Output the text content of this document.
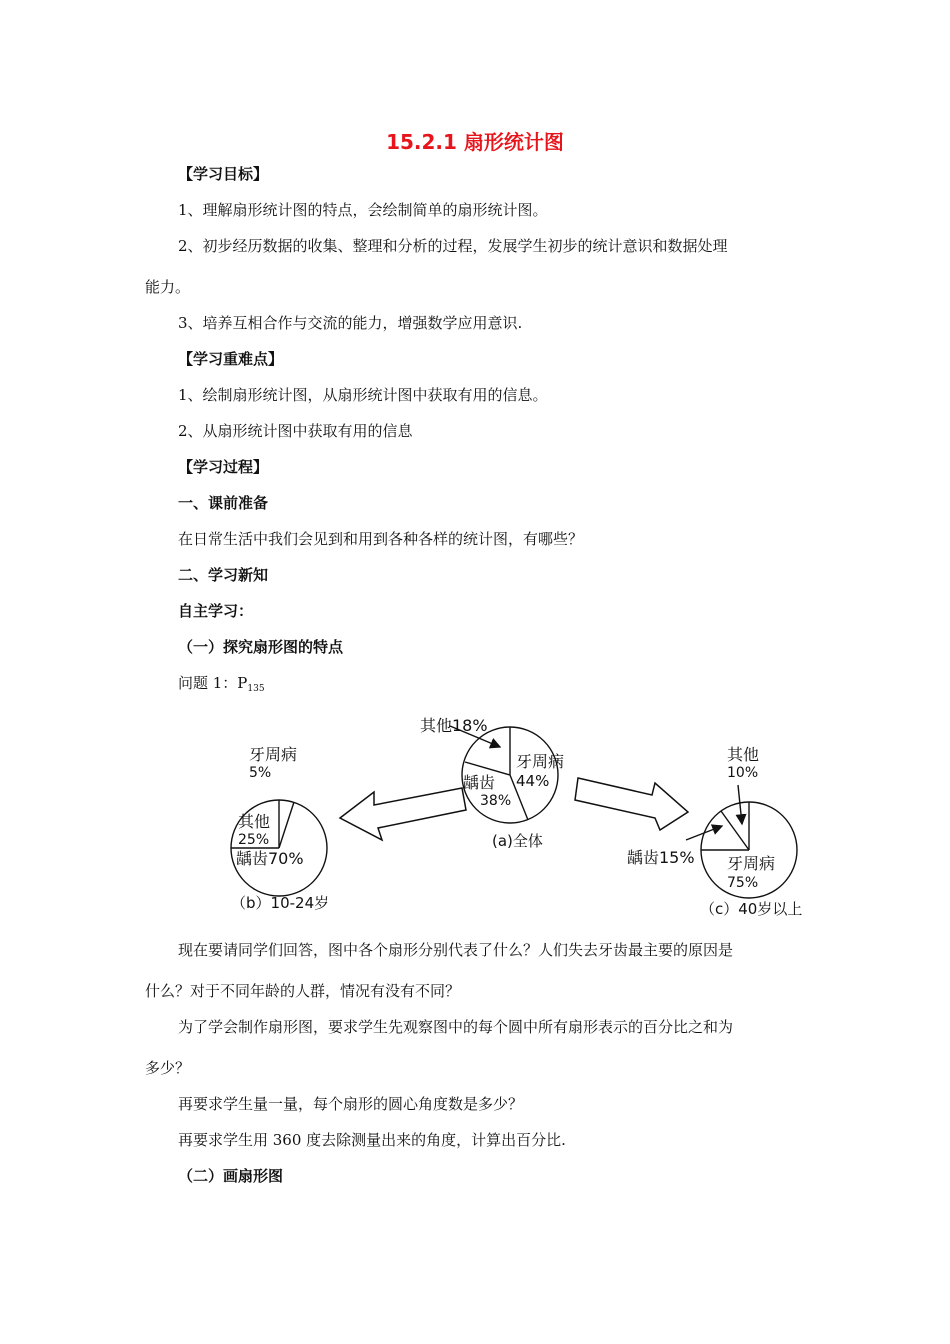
15.2.1 扇形统计图
【学习目标】
1、理解扇形统计图的特点，会绘制简单的扇形统计图。
2、初步经历数据的收集、整理和分析的过程，发展学生初步的统计意识和数据处理
能力。
3、培养互相合作与交流的能力，增强数学应用意识.
【学习重难点】
1、绘制扇形统计图，从扇形统计图中获取有用的信息。
2、从扇形统计图中获取有用的信息
【学习过程】
一、课前准备
在日常生活中我们会见到和用到各种各样的统计图，有哪些？
二、学习新知
自主学习：
（一）探究扇形图的特点
问题 1：$P_{135}$
其他18%
牙周病
44%
龋齿
38%
(a)全体
牙周病
5%
其他
25%
龋齿70%
（b）10-24岁
其他
10%
龋齿15% 牙周病
75%
（c）40岁以上
现在要请同学们回答，图中各个扇形分别代表了什么？人们失去牙齿最主要的原因是
什么？对于不同年龄的人群，情况有没有不同？
为了学会制作扇形图，要求学生先观察图中的每个圆中所有扇形表示的百分比之和为
多少？
再要求学生量一量，每个扇形的圆心角度数是多少？
再要求学生用 360 度去除测量出来的角度，计算出百分比.
（二）画扇形图
